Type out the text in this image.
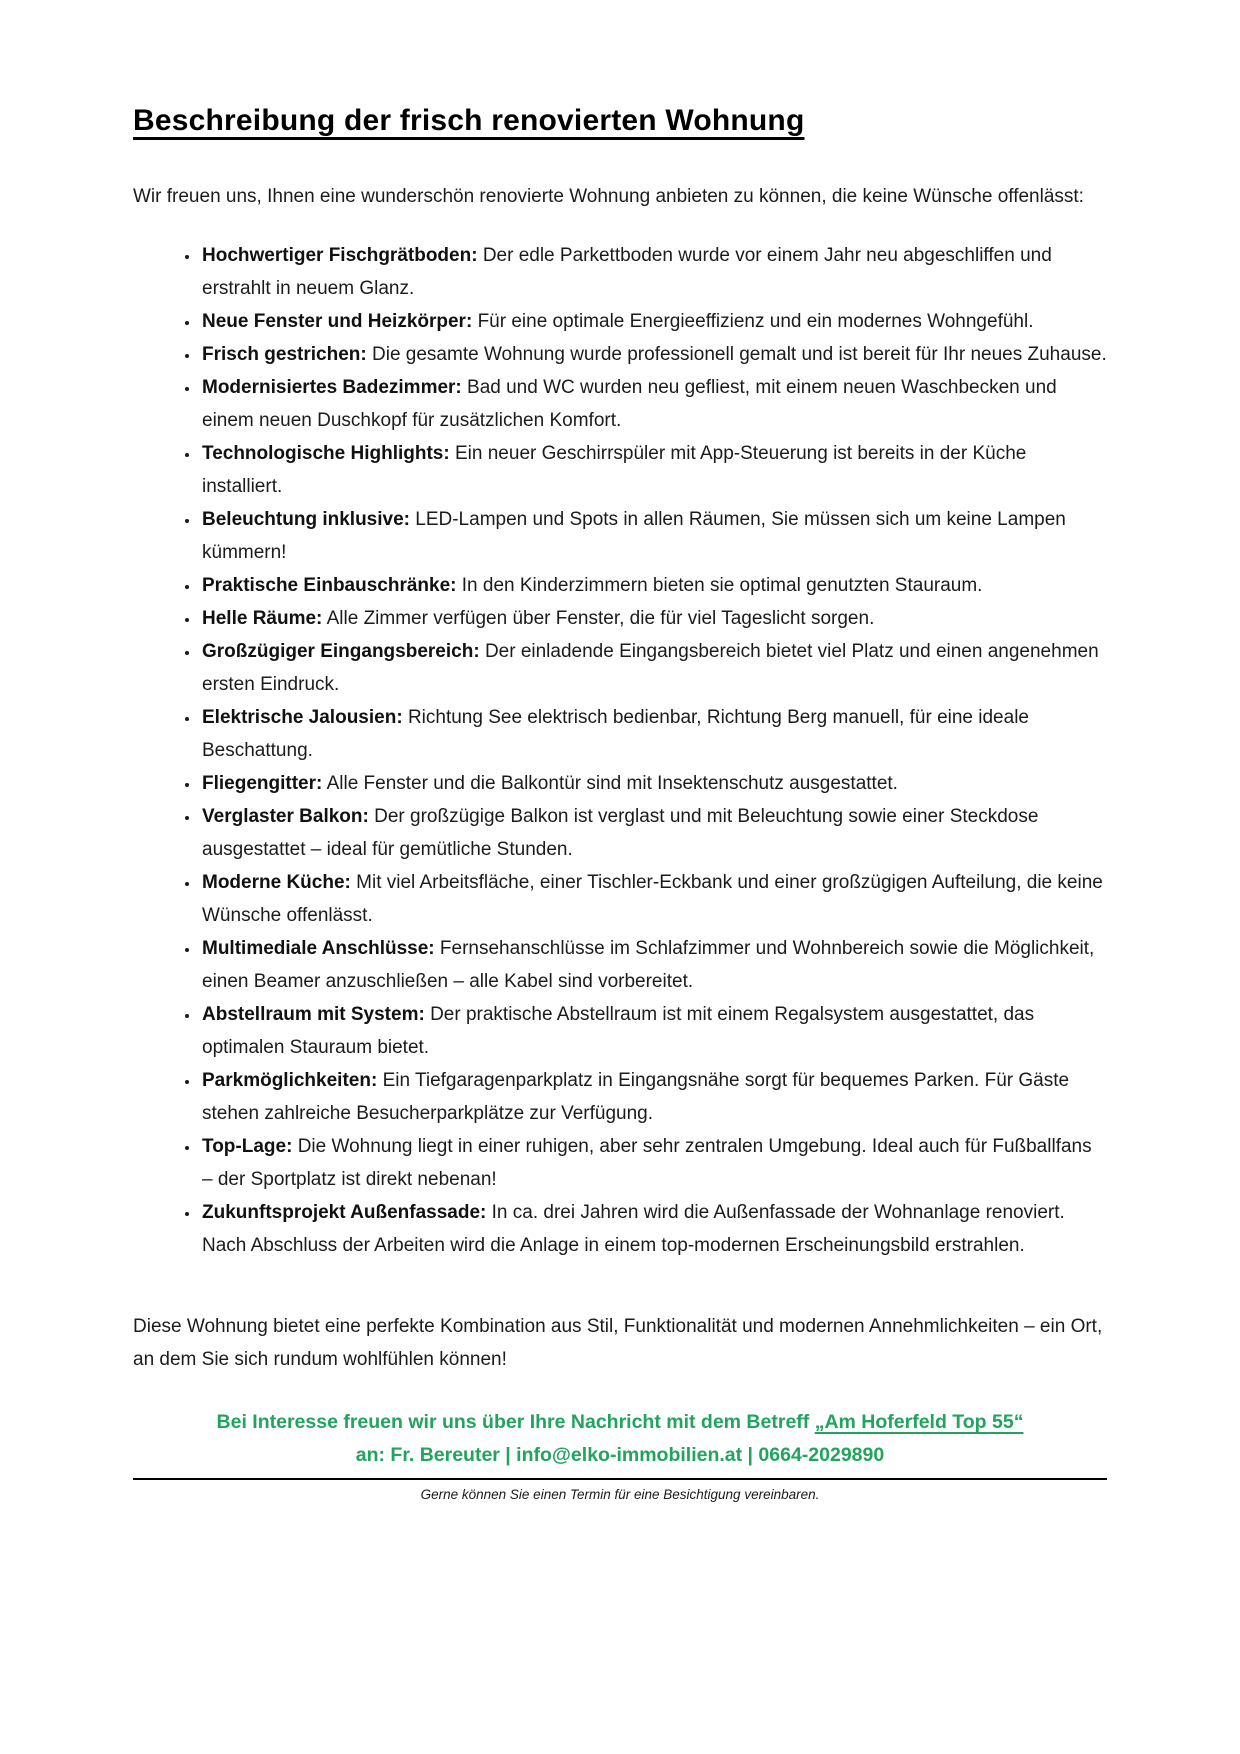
Beschreibung der frisch renovierten Wohnung

Wir freuen uns, Ihnen eine wunderschön renovierte Wohnung anbieten zu können, die keine Wünsche offenlässt:

• Hochwertiger Fischgrätboden: Der edle Parkettboden wurde vor einem Jahr neu abgeschliffen und erstrahlt in neuem Glanz.
• Neue Fenster und Heizkörper: Für eine optimale Energieeffizienz und ein modernes Wohngefühl.
• Frisch gestrichen: Die gesamte Wohnung wurde professionell gemalt und ist bereit für Ihr neues Zuhause.
• Modernisiertes Badezimmer: Bad und WC wurden neu gefliest, mit einem neuen Waschbecken und einem neuen Duschkopf für zusätzlichen Komfort.
• Technologische Highlights: Ein neuer Geschirrspüler mit App-Steuerung ist bereits in der Küche installiert.
• Beleuchtung inklusive: LED-Lampen und Spots in allen Räumen, Sie müssen sich um keine Lampen kümmern!
• Praktische Einbauschränke: In den Kinderzimmern bieten sie optimal genutzten Stauraum.
• Helle Räume: Alle Zimmer verfügen über Fenster, die für viel Tageslicht sorgen.
• Großzügiger Eingangsbereich: Der einladende Eingangsbereich bietet viel Platz und einen angenehmen ersten Eindruck.
• Elektrische Jalousien: Richtung See elektrisch bedienbar, Richtung Berg manuell, für eine ideale Beschattung.
• Fliegengitter: Alle Fenster und die Balkontür sind mit Insektenschutz ausgestattet.
• Verglaster Balkon: Der großzügige Balkon ist verglast und mit Beleuchtung sowie einer Steckdose ausgestattet – ideal für gemütliche Stunden.
• Moderne Küche: Mit viel Arbeitsfläche, einer Tischler-Eckbank und einer großzügigen Aufteilung, die keine Wünsche offenlässt.
• Multimediale Anschlüsse: Fernsehanschlüsse im Schlafzimmer und Wohnbereich sowie die Möglichkeit, einen Beamer anzuschließen – alle Kabel sind vorbereitet.
• Abstellraum mit System: Der praktische Abstellraum ist mit einem Regalsystem ausgestattet, das optimalen Stauraum bietet.
• Parkmöglichkeiten: Ein Tiefgaragenparkplatz in Eingangsnähe sorgt für bequemes Parken. Für Gäste stehen zahlreiche Besucherparkplätze zur Verfügung.
• Top-Lage: Die Wohnung liegt in einer ruhigen, aber sehr zentralen Umgebung. Ideal auch für Fußballfans – der Sportplatz ist direkt nebenan!
• Zukunftsprojekt Außenfassade: In ca. drei Jahren wird die Außenfassade der Wohnanlage renoviert. Nach Abschluss der Arbeiten wird die Anlage in einem top-modernen Erscheinungsbild erstrahlen.

Diese Wohnung bietet eine perfekte Kombination aus Stil, Funktionalität und modernen Annehmlichkeiten – ein Ort, an dem Sie sich rundum wohlfühlen können!

Bei Interesse freuen wir uns über Ihre Nachricht mit dem Betreff „Am Hoferfeld Top 55“
an: Fr. Bereuter | info@elko-immobilien.at | 0664-2029890

Gerne können Sie einen Termin für eine Besichtigung vereinbaren.
